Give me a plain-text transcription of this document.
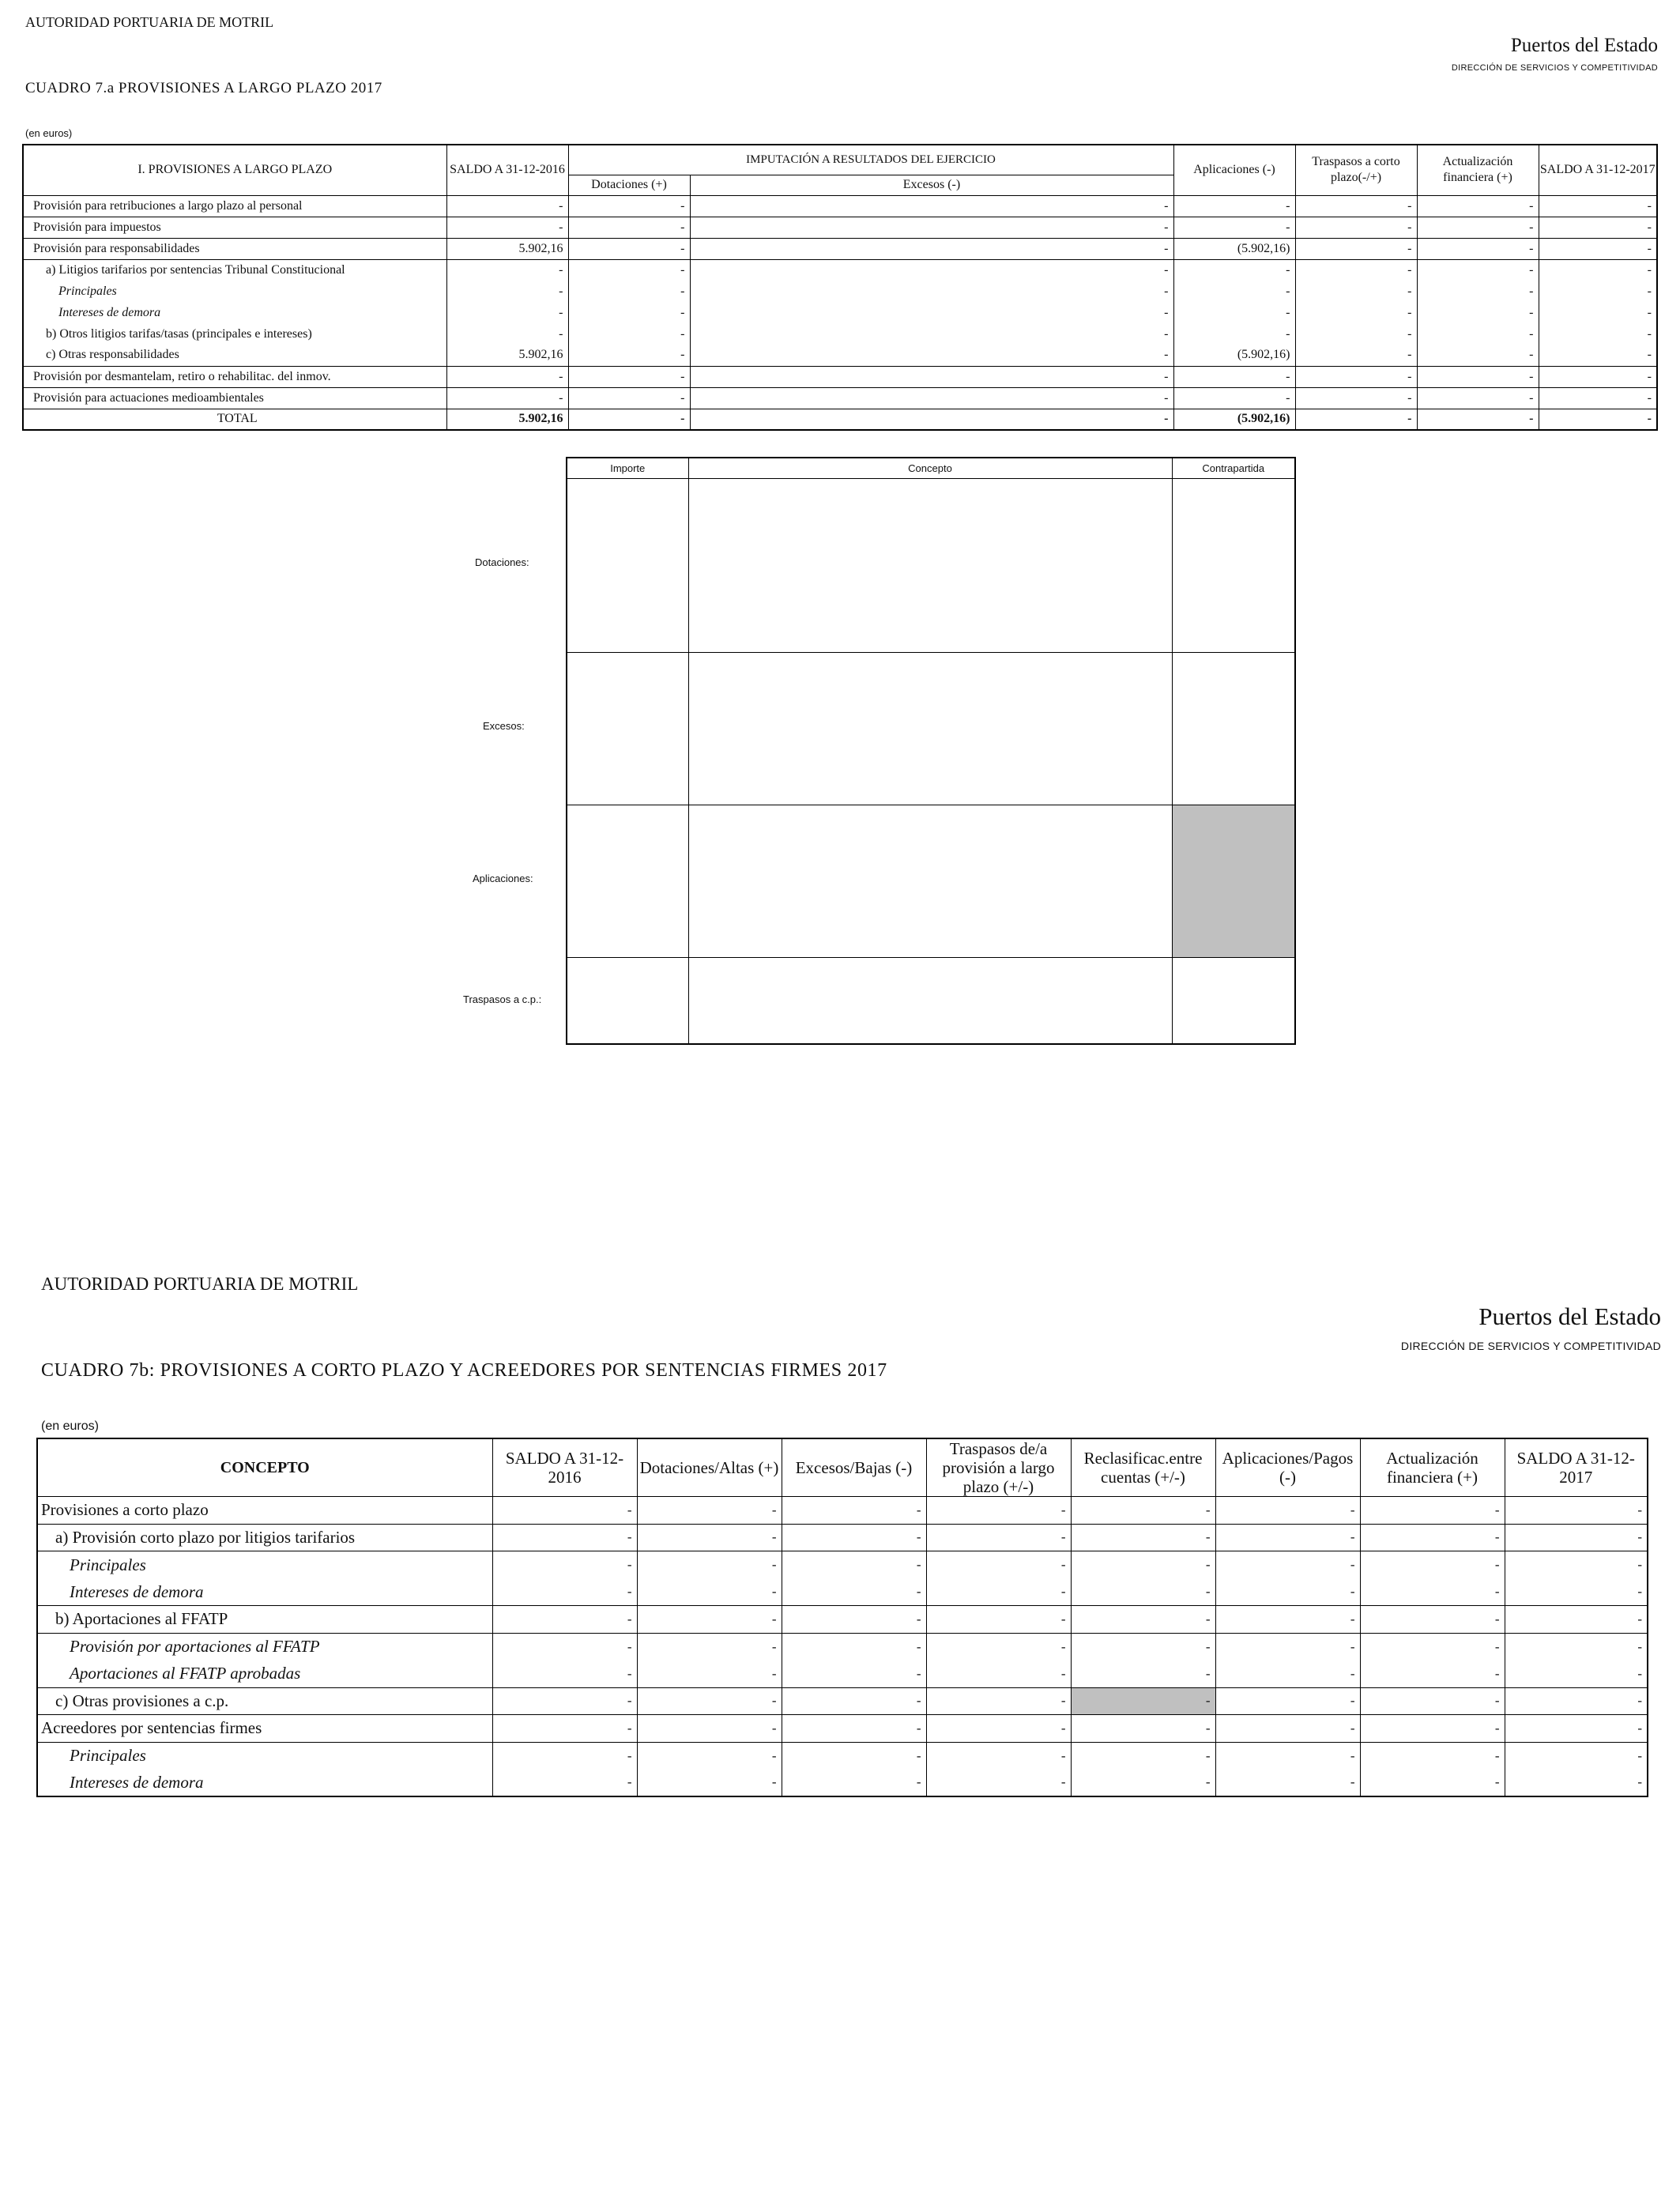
AUTORIDAD PORTUARIA DE MOTRIL
Puertos del Estado
DIRECCIÓN DE SERVICIOS Y COMPETITIVIDAD
CUADRO 7.a PROVISIONES A LARGO PLAZO 2017
(en euros)
I. PROVISIONES A LARGO PLAZO	SALDO A 31-12-2016	IMPUTACIÓN A RESULTADOS DEL EJERCICIO		Aplicaciones (-)	Traspasos a corto plazo(-/+)	Actualización financiera (+)	SALDO A 31-12-2017
		Dotaciones (+)	Excesos (-)				
Provisión para retribuciones a largo plazo al personal	-	-	-	-	-	-	-
Provisión para impuestos	-	-	-	-	-	-	-
Provisión para responsabilidades	5.902,16	-	-	(5.902,16)	-	-	-
a) Litigios tarifarios por sentencias Tribunal Constitucional	-	-	-	-	-	-	-
Principales	-	-	-	-	-	-	-
Intereses de demora	-	-	-	-	-	-	-
b) Otros litigios tarifas/tasas (principales e intereses)	-	-	-	-	-	-	-
c) Otras responsabilidades	5.902,16	-	-	(5.902,16)	-	-	-
Provisión por desmantelam, retiro o rehabilitac. del inmov.	-	-	-	-	-	-	-
Provisión para actuaciones medioambientales	-	-	-	-	-	-	-
TOTAL	5.902,16	-	-	(5.902,16)	-	-	-
Dotaciones:
Excesos:
Aplicaciones:
Traspasos a c.p.:
Importe	Concepto	Contrapartida

AUTORIDAD PORTUARIA DE MOTRIL
Puertos del Estado
DIRECCIÓN DE SERVICIOS Y COMPETITIVIDAD
CUADRO 7b: PROVISIONES A CORTO PLAZO Y ACREEDORES POR SENTENCIAS FIRMES 2017
(en euros)
CONCEPTO	SALDO A 31-12-2016	Dotaciones/Altas (+)	Excesos/Bajas (-)	Traspasos de/a provisión a largo plazo (+/-)	Reclasificac.entre cuentas (+/-)	Aplicaciones/Pagos (-)	Actualización financiera (+)	SALDO A 31-12-2017
Provisiones a corto plazo	-	-	-	-	-	-	-	-
a) Provisión corto plazo por litigios tarifarios	-	-	-	-	-	-	-	-
Principales	-	-	-	-	-	-	-	-
Intereses de demora	-	-	-	-	-	-	-	-
b) Aportaciones al FFATP	-	-	-	-	-	-	-	-
Provisión por aportaciones al FFATP	-	-	-	-	-	-	-	-
Aportaciones al FFATP aprobadas	-	-	-	-	-	-	-	-
c) Otras provisiones a c.p.	-	-	-	-	-	-	-	-
Acreedores por sentencias firmes	-	-	-	-	-	-	-	-
Principales	-	-	-	-	-	-	-	-
Intereses de demora	-	-	-	-	-	-	-	-
